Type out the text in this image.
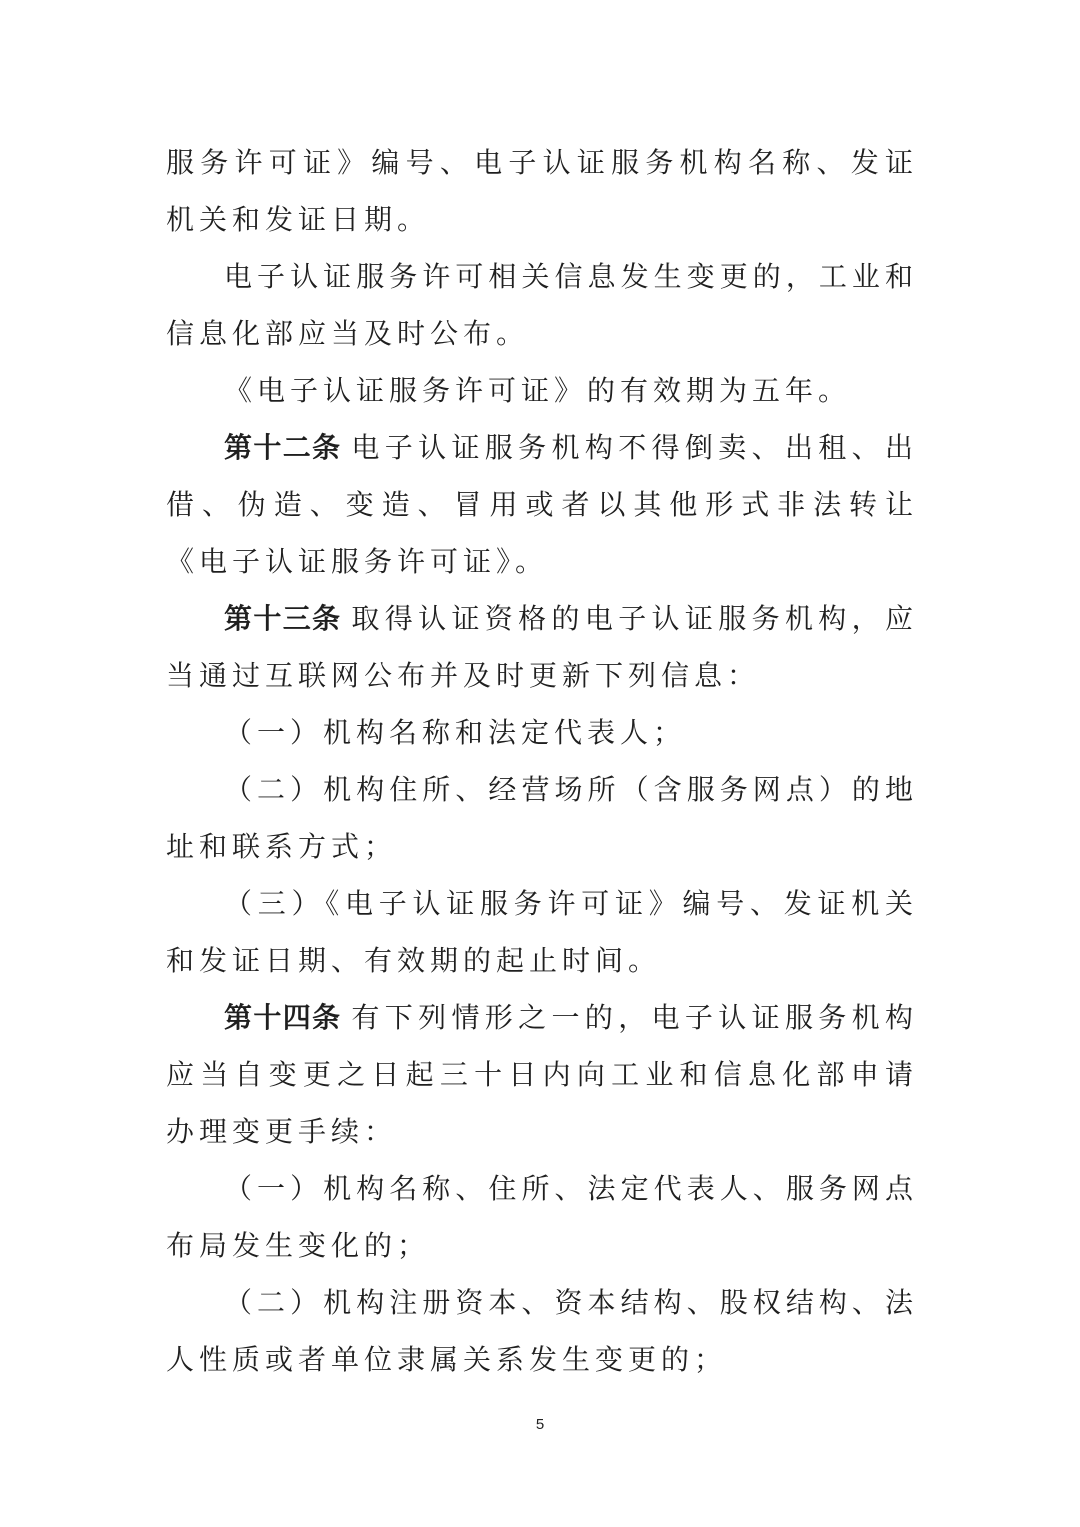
服务许可证》编号、电子认证服务机构名称、发证机关和发证日期。

电子认证服务许可相关信息发生变更的，工业和信息化部应当及时公布。

《电子认证服务许可证》的有效期为五年。

第十二条 电子认证服务机构不得倒卖、出租、出借、伪造、变造、冒用或者以其他形式非法转让《电子认证服务许可证》。

第十三条 取得认证资格的电子认证服务机构，应当通过互联网公布并及时更新下列信息：

（一）机构名称和法定代表人；

（二）机构住所、经营场所（含服务网点）的地址和联系方式；

（三）《电子认证服务许可证》编号、发证机关和发证日期、有效期的起止时间。

第十四条 有下列情形之一的，电子认证服务机构应当自变更之日起三十日内向工业和信息化部申请办理变更手续：

（一）机构名称、住所、法定代表人、服务网点布局发生变化的；

（二）机构注册资本、资本结构、股权结构、法人性质或者单位隶属关系发生变更的；

5
